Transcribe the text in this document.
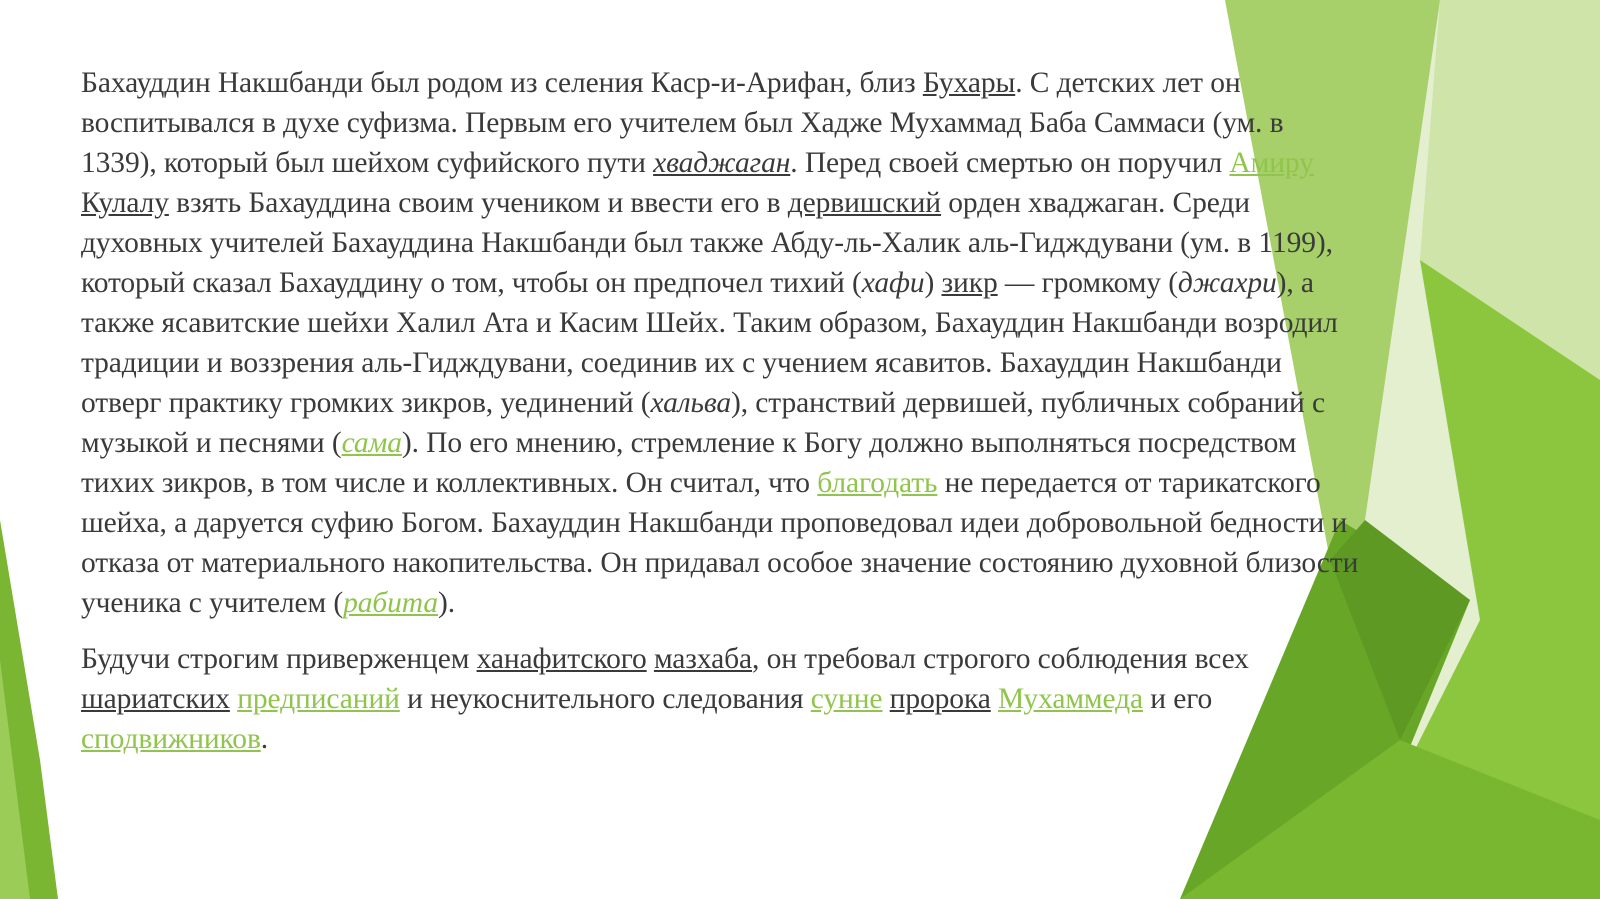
Бахауддин Накшбанди был родом из селения Каср-и-Арифан, близ Бухары. С детских лет он воспитывался в духе суфизма. Первым его учителем был Хадже Мухаммад Баба Саммаси (ум. в 1339), который был шейхом суфийского пути хваджаган. Перед своей смертью он поручил Амиру Кулалу взять Бахауддина своим учеником и ввести его в дервишский орден хваджаган. Среди духовных учителей Бахауддина Накшбанди был также Абду-ль-Халик аль-Гидждувани (ум. в 1199), который сказал Бахауддину о том, чтобы он предпочел тихий (хафи) зикр — громкому (джахри), а также ясавитские шейхи Халил Ата и Касим Шейх. Таким образом, Бахауддин Накшбанди возродил традиции и воззрения аль-Гидждувани, соединив их с учением ясавитов. Бахауддин Накшбанди отверг практику громких зикров, уединений (хальва), странствий дервишей, публичных собраний с музыкой и песнями (сама). По его мнению, стремление к Богу должно выполняться посредством тихих зикров, в том числе и коллективных. Он считал, что благодать не передается от тарикатского шейха, а даруется суфию Богом. Бахауддин Накшбанди проповедовал идеи добровольной бедности и отказа от материального накопительства. Он придавал особое значение состоянию духовной близости ученика с учителем (рабита).

Будучи строгим приверженцем ханафитского мазхаба, он требовал строгого соблюдения всех шариатских предписаний и неукоснительного следования сунне пророка Мухаммеда и его сподвижников.
